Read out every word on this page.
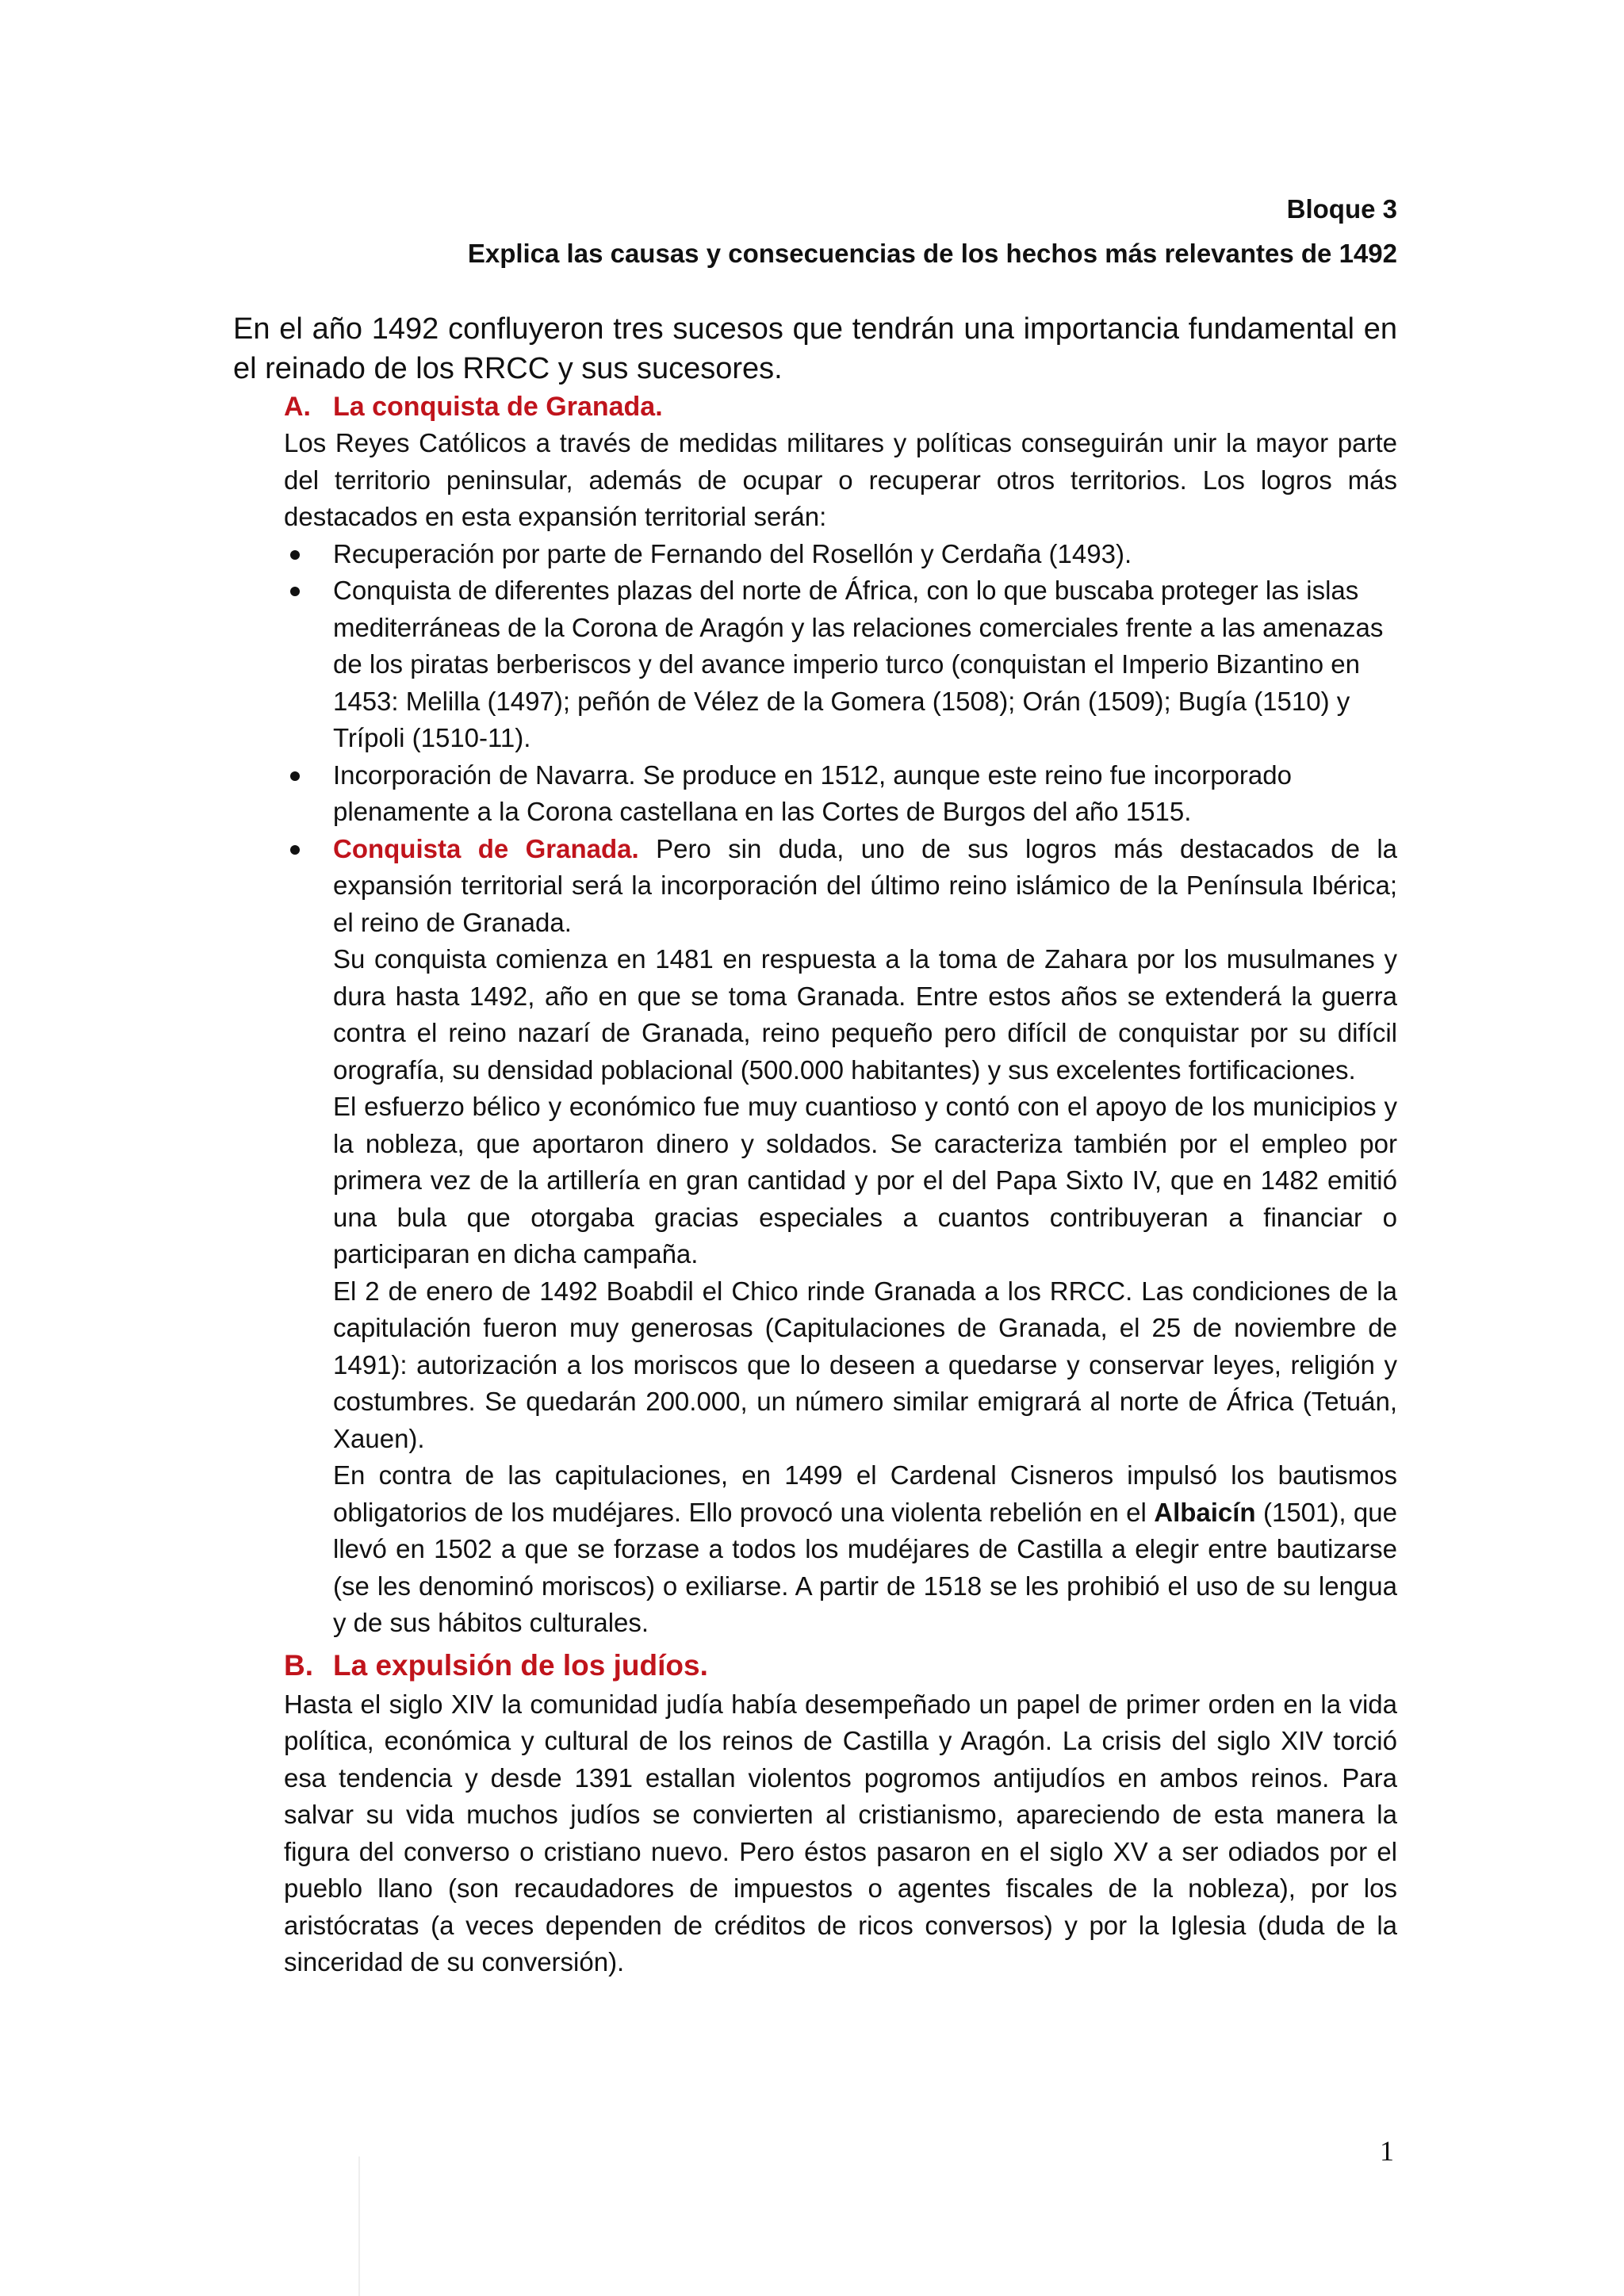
Bloque 3
Explica las causas y consecuencias de los hechos más relevantes de 1492
En el año 1492 confluyeron tres sucesos que tendrán una importancia fundamental en el reinado de los RRCC y sus sucesores.
A. La conquista de Granada.

Los Reyes Católicos a través de medidas militares y políticas conseguirán unir la mayor parte del territorio peninsular, además de ocupar o recuperar otros territorios. Los logros más destacados en esta expansión territorial serán:

Recuperación por parte de Fernando del Rosellón y Cerdaña (1493).
Conquista de diferentes plazas del norte de África, con lo que buscaba proteger las islas mediterráneas de la Corona de Aragón y las relaciones comerciales frente a las amenazas de los piratas berberiscos y del avance imperio turco (conquistan el Imperio Bizantino en 1453: Melilla (1497); peñón de Vélez de la Gomera (1508); Orán (1509); Bugía (1510) y Trípoli (1510-11).
Incorporación de Navarra. Se produce en 1512, aunque este reino fue incorporado plenamente a la Corona castellana en las Cortes de Burgos del año 1515.

Conquista de Granada. Pero sin duda, uno de sus logros más destacados de la expansión territorial será la incorporación del último reino islámico de la Península Ibérica; el reino de Granada.

Su conquista comienza en 1481 en respuesta a la toma de Zahara por los musulmanes y dura hasta 1492, año en que se toma Granada. Entre estos años se extenderá la guerra contra el reino nazarí de Granada, reino pequeño pero difícil de conquistar por su difícil orografía, su densidad poblacional (500.000 habitantes) y sus excelentes fortificaciones.

El esfuerzo bélico y económico fue muy cuantioso y contó con el apoyo de los municipios y la nobleza, que aportaron dinero y soldados. Se caracteriza también por el empleo por primera vez de la artillería en gran cantidad y por el del Papa Sixto IV, que en 1482 emitió una bula que otorgaba gracias especiales a cuantos contribuyeran a financiar o participaran en dicha campaña.

El 2 de enero de 1492 Boabdil el Chico rinde Granada a los RRCC. Las condiciones de la capitulación fueron muy generosas (Capitulaciones de Granada, el 25 de noviembre de 1491): autorización a los moriscos que lo deseen a quedarse y conservar leyes, religión y costumbres. Se quedarán 200.000, un número similar emigrará al norte de África (Tetuán, Xauen).

En contra de las capitulaciones, en 1499 el Cardenal Cisneros impulsó los bautismos obligatorios de los mudéjares. Ello provocó una violenta rebelión en el Albaicín (1501), que llevó en 1502 a que se forzase a todos los mudéjares de Castilla a elegir entre bautizarse (se les denominó moriscos) o exiliarse. A partir de 1518 se les prohibió el uso de su lengua y de sus hábitos culturales.

B. La expulsión de los judíos.

Hasta el siglo XIV la comunidad judía había desempeñado un papel de primer orden en la vida política, económica y cultural de los reinos de Castilla y Aragón. La crisis del siglo XIV torció esa tendencia y desde 1391 estallan violentos pogromos antijudíos en ambos reinos. Para salvar su vida muchos judíos se convierten al cristianismo, apareciendo de esta manera la figura del converso o cristiano nuevo. Pero éstos pasaron en el siglo XV a ser odiados por el pueblo llano (son recaudadores de impuestos o agentes fiscales de la nobleza), por los aristócratas (a veces dependen de créditos de ricos conversos) y por la Iglesia (duda de la sinceridad de su conversión).

1
